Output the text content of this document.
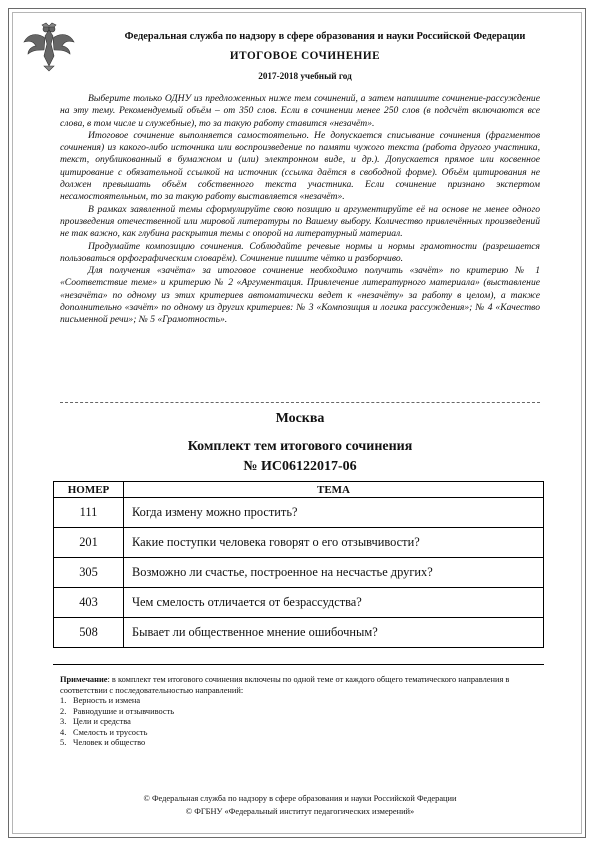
Федеральная служба по надзору в сфере образования и науки Российской Федерации
ИТОГОВОЕ СОЧИНЕНИЕ
2017-2018 учебный год

Выберите только ОДНУ из предложенных ниже тем сочинений, а затем напишите сочинение-рассуждение на эту тему. Рекомендуемый объём – от 350 слов. Если в сочинении менее 250 слов (в подсчёт включаются все слова, в том числе и служебные), то за такую работу ставится «незачёт».

Итоговое сочинение выполняется самостоятельно. Не допускается списывание сочинения (фрагментов сочинения) из какого-либо источника или воспроизведение по памяти чужого текста (работа другого участника, текст, опубликованный в бумажном и (или) электронном виде, и др.). Допускается прямое или косвенное цитирование с обязательной ссылкой на источник (ссылка даётся в свободной форме). Объём цитирования не должен превышать объём собственного текста участника. Если сочинение признано экспертом несамостоятельным, то за такую работу выставляется «незачёт».

В рамках заявленной темы сформулируйте свою позицию и аргументируйте её на основе не менее одного произведения отечественной или мировой литературы по Вашему выбору. Количество привлечённых произведений не так важно, как глубина раскрытия темы с опорой на литературный материал.

Продумайте композицию сочинения. Соблюдайте речевые нормы и нормы грамотности (разрешается пользоваться орфографическим словарём). Сочинение пишите чётко и разборчиво.

Для получения «зачёта» за итоговое сочинение необходимо получить «зачёт» по критерию № 1 «Соответствие теме» и критерию № 2 «Аргументация. Привлечение литературного материала» (выставление «незачёта» по одному из этих критериев автоматически ведет к «незачёту» за работу в целом), а также дополнительно «зачёт» по одному из других критериев: № 3 «Композиция и логика рассуждения»; № 4 «Качество письменной речи»; № 5 «Грамотность».

Москва
Комплект тем итогового сочинения
№ ИС06122017-06
НОМЕР	ТЕМА
111	Когда измену можно простить?
201	Какие поступки человека говорят о его отзывчивости?
305	Возможно ли счастье, построенное на несчастье других?
403	Чем смелость отличается от безрассудства?
508	Бывает ли общественное мнение ошибочным?
Примечание: в комплект тем итогового сочинения включены по одной теме от каждого общего тематического направления в соответствии с последовательностью направлений:
1. Верность и измена
2. Равнодушие и отзывчивость
3. Цели и средства
4. Смелость и трусость
5. Человек и общество
© Федеральная служба по надзору в сфере образования и науки Российской Федерации
© ФГБНУ «Федеральный институт педагогических измерений»
